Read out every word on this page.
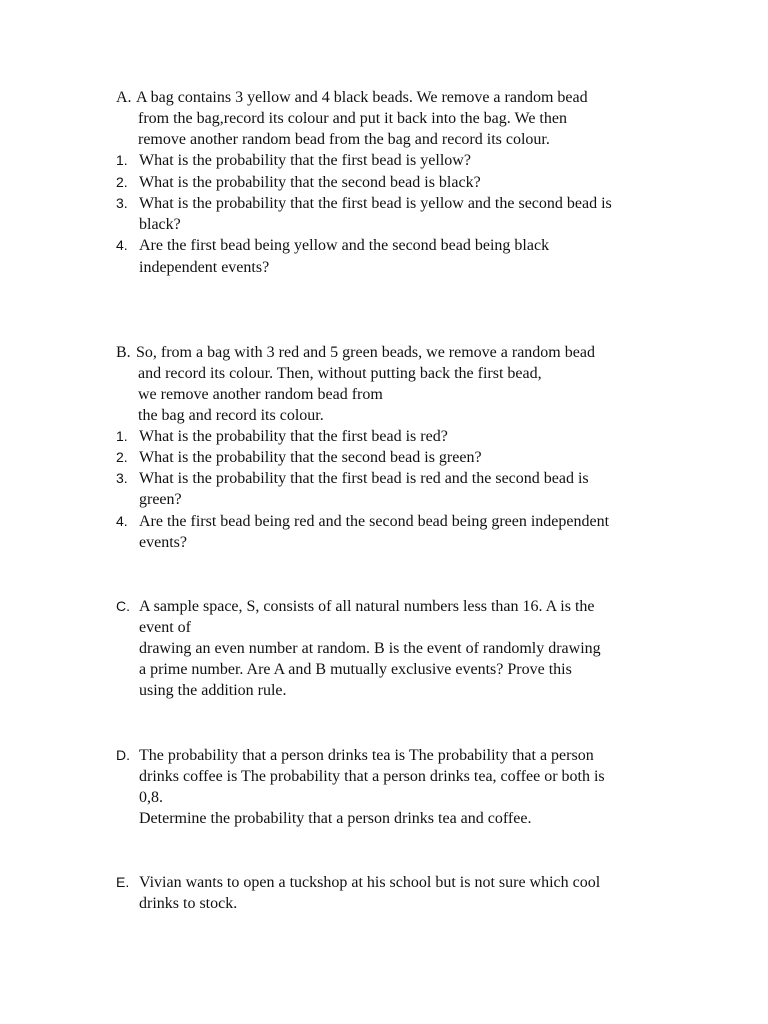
A. A bag contains 3 yellow and 4 black beads. We remove a random bead
from the bag,record its colour and put it back into the bag. We then
remove another random bead from the bag and record its colour.
1. What is the probability that the first bead is yellow?
2. What is the probability that the second bead is black?
3. What is the probability that the first bead is yellow and the second bead is
black?
4. Are the first bead being yellow and the second bead being black
independent events?
B. So, from a bag with 3 red and 5 green beads, we remove a random bead
and record its colour. Then, without putting back the first bead,
we remove another random bead from
the bag and record its colour.
1. What is the probability that the first bead is red?
2. What is the probability that the second bead is green?
3. What is the probability that the first bead is red and the second bead is
green?
4. Are the first bead being red and the second bead being green independent
events?
C. A sample space, S, consists of all natural numbers less than 16. A is the
event of
drawing an even number at random. B is the event of randomly drawing
a prime number. Are A and B mutually exclusive events? Prove this
using the addition rule.
D. The probability that a person drinks tea is The probability that a person
drinks coffee is The probability that a person drinks tea, coffee or both is
0,8.
Determine the probability that a person drinks tea and coffee.
E. Vivian wants to open a tuckshop at his school but is not sure which cool
drinks to stock.
